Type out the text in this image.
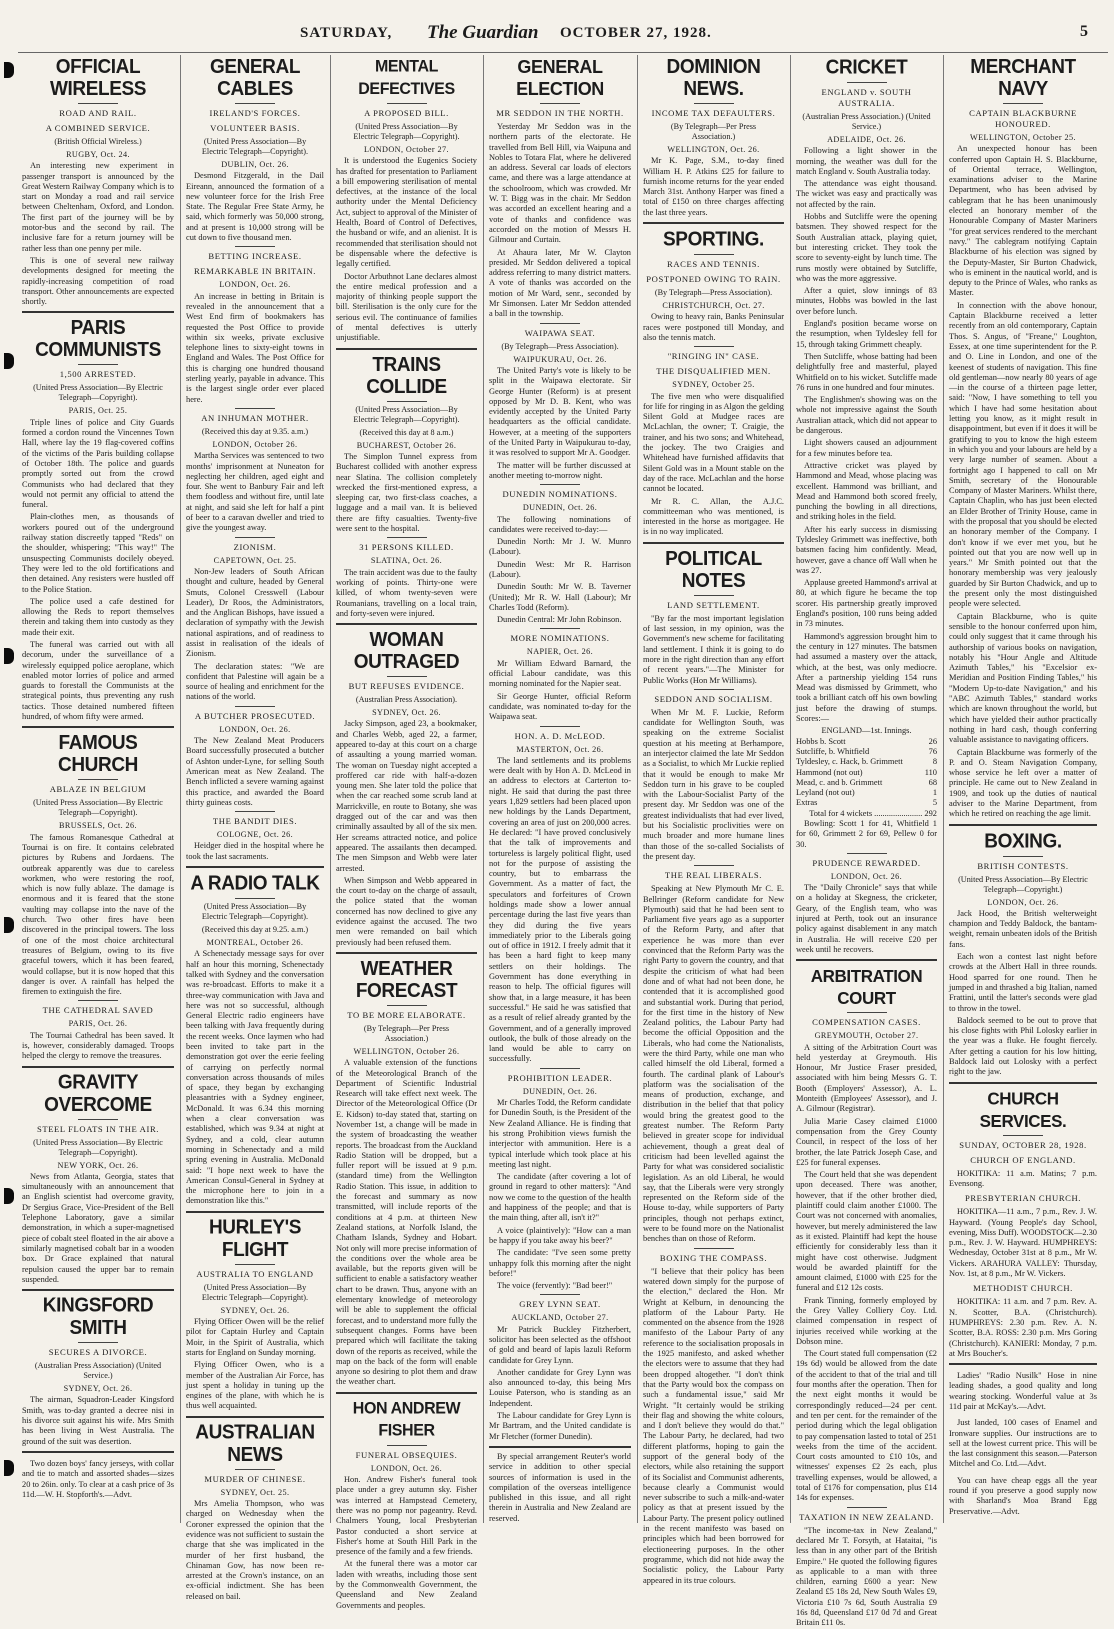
SATURDAY, The Guardian OCTOBER 27, 1928.	5
OFFICIAL WIRELESS
ROAD AND RAIL.
A COMBINED SERVICE.
(British Official Wireless.)
RUGBY, Oct. 24.

An interesting new experiment in passenger transport is announced by the Great Western Railway Company which is to start on Monday a road and rail service between Cheltenham, Oxford, and London. The first part of the journey will be by motor-bus and the second by rail. The inclusive fare for a return journey will be rather less than one penny per mile.

This is one of several new railway developments designed for meeting the rapidly-increasing competition of road transport. Other announcements are expected shortly.

PARIS COMMUNISTS
1,500 ARRESTED.
(United Press Association—By Electric Telegraph—Copyright).
PARIS, Oct. 25.

Triple lines of police and City Guards formed a cordon round the Vincennes Town Hall, where lay the 19 flag-covered coffins of the victims of the Paris building collapse of October 18th. The police and guards promptly sorted out from the crowd Communists who had declared that they would not permit any official to attend the funeral.

Plain-clothes men, as thousands of workers poured out of the underground railway station discreetly tapped "Reds" on the shoulder, whispering; "This way!" The unsuspecting Communists docilely obeyed. They were led to the old fortifications and then detained. Any resisters were hustled off to the Police Station.

The police used a cafe destined for allowing the Reds to report themselves therein and taking them into custody as they made their exit.

The funeral was carried out with all decorum, under the surveillance of a wirelessly equipped police aeroplane, which enabled motor lorries of police and armed guards to forestall the Communists at the strategical points, thus preventing any rush tactics. Those detained numbered fifteen hundred, of whom fifty were armed.

FAMOUS CHURCH
ABLAZE IN BELGIUM
(United Press Association—By Electric Telegraph—Copyright).
BRUSSELS, Oct. 26.

The famous Romanesque Cathedral at Tournai is on fire. It contains celebrated pictures by Rubens and Jordaens. The outbreak apparently was due to careless workmen, who were restoring the roof, which is now fully ablaze. The damage is enormous and it is feared that the stone vaulting may collapse into the nave of the church. Two other fires have been discovered in the principal towers. The loss of one of the most choice architectural treasures of Belgium, owing to its five graceful towers, which it has been feared, would collapse, but it is now hoped that this danger is over. A rainfall has helped the firemen to extinguish the fire.

THE CATHEDRAL SAVED
PARIS, Oct. 26.

The Tournai Cathedral has been saved. It is, however, considerably damaged. Troops helped the clergy to remove the treasures.

GRAVITY OVERCOME
STEEL FLOATS IN THE AIR.
(United Press Association—By Electric Telegraph—Copyright).
NEW YORK, Oct. 26.

News from Atlanta, Georgia, states that simultaneously with an announcement that an English scientist had overcome gravity, Dr Sergius Grace, Vice-President of the Bell Telephone Laboratory, gave a similar demonstration, in which a super-magnetised piece of cobalt steel floated in the air above a similarly magnetised cobalt bar in a wooden box. Dr Grace explained that natural repulsion caused the upper bar to remain suspended.

KINGSFORD SMITH
SECURES A DIVORCE.
(Australian Press Association) (United Service.)
SYDNEY, Oct. 26.

The airman, Squadron-Leader Kingsford Smith, was to-day granted a decree nisi in his divorce suit against his wife. Mrs Smith has been living in West Australia. The ground of the suit was desertion.

Two dozen boys' fancy jerseys, with collar and tie to match and assorted shades—sizes 20 to 26in. only. To clear at a cash price of 3s 11d.—W. H. Stopforth's.—Advt.

GENERAL CABLES
IRELAND'S FORCES.
VOLUNTEER BASIS.
(United Press Association—By Electric Telegraph—Copyright).
DUBLIN, Oct. 26.

Desmond Fitzgerald, in the Dail Eireann, announced the formation of a new volunteer force for the Irish Free State. The Regular Free State Army, he said, which formerly was 50,000 strong, and at present is 10,000 strong will be cut down to five thousand men.

BETTING INCREASE.
REMARKABLE IN BRITAIN.
LONDON, Oct. 26.

An increase in betting in Britain is revealed in the announcement that a West End firm of bookmakers has requested the Post Office to provide within six weeks, private exclusive telephone lines to sixty-eight towns in England and Wales. The Post Office for this is charging one hundred thousand sterling yearly, payable in advance. This is the largest single order ever placed here.

AN INHUMAN MOTHER.
(Received this day at 9.35. a.m.)
LONDON, October 26.

Martha Services was sentenced to two months' imprisonment at Nuneaton for neglecting her children, aged eight and four. She went to Banbury Fair and left them foodless and without fire, until late at night, and said she left for half a pint of beer to a caravan dweller and tried to give the youngest away.

ZIONISM.
CAPETOWN, Oct. 25.

Non-Jew leaders of South African thought and culture, headed by General Smuts, Colonel Cresswell (Labour Leader), Dr Roos, the Administrators, and the Anglican Bishops, have issued a declaration of sympathy with the Jewish national aspirations, and of readiness to assist in realisation of the ideals of Zionism.

The declaration states: "We are confident that Palestine will again be a source of healing and enrichment for the nations of the world.

A BUTCHER PROSECUTED.
LONDON, Oct. 26.

The New Zealand Meat Producers Board successfully prosecuted a butcher of Ashton under-Lyne, for selling South American meat as New Zealand. The Bench inflicted a severe warning against this practice, and awarded the Board thirty guineas costs.

THE BANDIT DIES.
COLOGNE, Oct. 26.

Heidger died in the hospital where he took the last sacraments.

A RADIO TALK
(United Press Association—By Electric Telegraph—Copyright).
(Received this day at 9.25. a.m.)
MONTREAL, October 26.

A Schenectady message says for over half an hour this morning, Schenectady talked with Sydney and the conversation was re-broadcast. Efforts to make it a three-way communication with Java and here was not so successful, although General Electric radio engineers have been talking with Java frequently during the recent weeks. Once laymen who had been invited to take part in the demonstration got over the eerie feeling of carrying on perfectly normal conversation across thousands of miles of space, they began by exchanging pleasantries with a Sydney engineer, McDonald. It was 6.34 this morning when a clear conversation was established, which was 9.34 at night at Sydney, and a cold, clear autumn morning in Schenectady and a mild spring evening in Australia. McDonald said: "I hope next week to have the American Consul-General in Sydney at the microphone here to join in a demonstration like this."

HURLEY'S FLIGHT
AUSTRALIA TO ENGLAND
(United Press Association—By Electric Telegraph—Copyright).
SYDNEY, Oct. 26.

Flying Officer Owen will be the relief pilot for Captain Hurley and Captain Moir, in the Spirit of Australia, which starts for England on Sunday morning.

Flying Officer Owen, who is a member of the Australian Air Force, has just spent a holiday in tuning up the engines of the plane, with which he is thus well acquainted.

AUSTRALIAN NEWS
MURDER OF CHINESE.
SYDNEY, Oct. 25.

Mrs Amelia Thompson, who was charged on Wednesday when the Coroner expressed the opinion that the evidence was not sufficient to sustain the charge that she was implicated in the murder of her first husband, the Chinaman Gow, has now been re-arrested at the Crown's instance, on an ex-official indictment. She has been released on bail.

MENTAL DEFECTIVES
A PROPOSED BILL.
(United Press Association—By Electric Telegraph—Copyright).
LONDON, October 27.

It is understood the Eugenics Society has drafted for presentation to Parliament a bill empowering sterilisation of mental defectives, at the instance of the local authority under the Mental Deficiency Act, subject to approval of the Minister of Health, Board of Control of Defectives, the husband or wife, and an alienist. It is recommended that sterilisation should not be dispensable where the defective is legally certified.

Doctor Arbuthnot Lane declares almost the entire medical profession and a majority of thinking people support the bill. Sterilisation is the only cure for the serious evil. The continuance of families of mental defectives is utterly unjustifiable.

TRAINS COLLIDE
(United Press Association—By Electric Telegraph—Copyright).
(Received this day at 8 a.m.)
BUCHAREST, October 26.

The Simplon Tunnel express from Bucharest collided with another express near Slatina. The collision completely wrecked the first-mentioned express, a sleeping car, two first-class coaches, a luggage and a mail van. It is believed there are fifty casualties. Twenty-five were sent to the hospital.

31 PERSONS KILLED.
SLATINA, Oct. 26.

The train accident was due to the faulty working of points. Thirty-one were killed, of whom twenty-seven were Roumanians, travelling on a local train, and forty-seven were injured.

WOMAN OUTRAGED
BUT REFUSES EVIDENCE.
(Australian Press Association).
SYDNEY, Oct. 26.

Jacky Simpson, aged 23, a bookmaker, and Charles Webb, aged 22, a farmer, appeared to-day at this court on a charge of assaulting a young married woman. The woman on Tuesday night accepted a proffered car ride with half-a-dozen young men. She later told the police that when the car reached some scrub land at Marrickville, en route to Botany, she was dragged out of the car and was then criminally assaulted by all of the six men. Her screams attracted notice, and police appeared. The assailants then decamped. The men Simpson and Webb were later arrested.

When Simpson and Webb appeared in the court to-day on the charge of assault, the police stated that the woman concerned has now declined to give any evidence against the accused. The two men were remanded on bail which previously had been refused them.

WEATHER FORECAST
TO BE MORE ELABORATE.
(By Telegraph—Per Press Association.)
WELLINGTON, October 26.

A valuable extension of the functions of the Meteorological Branch of the Department of Scientific Industrial Research will take effect next week. The Director of the Meteorological Office (Dr E. Kidson) to-day stated that, starting on November 1st, a change will be made in the system of broadcasting the weather reports. The broadcast from the Auckland Radio Station will be dropped, but a fuller report will be issued at 9 p.m. (standard time) from the Wellington Radio Station. This issue, in addition to the forecast and summary as now transmitted, will include reports of the conditions at 4 p.m. at thirteen New Zealand stations, at Norfolk Island, the Chatham Islands, Sydney and Hobart. Not only will more precise information of the conditions over the whole area be available, but the reports given will be sufficient to enable a satisfactory weather chart to be drawn. Thus, anyone with an elementary knowledge of meteorology will be able to supplement the official forecast, and to understand more fully the subsequent changes. Forms have been prepared which will facilitate the taking down of the reports as received, while the map on the back of the form will enable anyone so desiring to plot them and draw the weather chart.

HON ANDREW FISHER
FUNERAL OBSEQUIES.
LONDON, Oct. 26.

Hon. Andrew Fisher's funeral took place under a grey autumn sky. Fisher was interred at Hampstead Cemetery, there was no pomp nor pageantry. Revd. Chalmers Young, local Presbyterian Pastor conducted a short service at Fisher's home at South Hill Park in the presence of the family and a few friends.

At the funeral there was a motor car laden with wreaths, including those sent by the Commonwealth Government, the Queensland and New Zealand Governments and peoples.

GENERAL ELECTION
MR SEDDON IN THE NORTH.

Yesterday Mr Seddon was in the northern parts of the electorate. He travelled from Bell Hill, via Waipuna and Nobles to Totara Flat, where he delivered an address. Several car loads of electors came, and there was a large attendance at the schoolroom, which was crowded. Mr W. T. Bigg was in the chair. Mr Seddon was accorded an excellent hearing and a vote of thanks and confidence was accorded on the motion of Messrs H. Gilmour and Curtain.

At Ahaura later, Mr W. Clayton presided. Mr Seddon delivered a topical address referring to many district matters. A vote of thanks was accorded on the motion of Mr Ward, senr., seconded by Mr Simonsen. Later Mr Seddon attended a ball in the township.

WAIPAWA SEAT.
(By Telegraph—Press Association).
WAIPUKURAU, Oct. 26.

The United Party's vote is likely to be split in the Waipawa electorate. Sir George Hunter (Reform) is at present opposed by Mr D. B. Kent, who was evidently accepted by the United Party headquarters as the official candidate. However, at a meeting of the supporters of the United Party in Waipukurau to-day, it was resolved to support Mr A. Goodger.

The matter will be further discussed at another meeting to-morrow night.

DUNEDIN NOMINATIONS.
DUNEDIN, Oct. 26.

The following nominations of candidates were received to-day:—

Dunedin North: Mr J. W. Munro (Labour).

Dunedin West: Mr R. Harrison (Labour).

Dunedin South: Mr W. B. Taverner (United); Mr R. W. Hall (Labour); Mr Charles Todd (Reform).

Dunedin Central: Mr John Robinson.

MORE NOMINATIONS.
NAPIER, Oct. 26.

Mr William Edward Barnard, the official Labour candidate, was this morning nominated for the Napier seat.

Sir George Hunter, official Reform candidate, was nominated to-day for the Waipawa seat.

HON. A. D. McLEOD.
MASTERTON, Oct. 26.

The land settlements and its problems were dealt with by Hon A. D. McLeod in an address to electors at Carterton to-night. He said that during the past three years 1,829 settlers had been placed upon new holdings by the Lands Department, covering an area of just on 200,000 acres. He declared: "I have proved conclusively that the talk of improvements and tortureless is largely political flight, used not for the purpose of assisting the country, but to embarrass the Government. As a matter of fact, the speculators and forfeitures of Crown holdings made show a lower annual percentage during the last five years than they did during the five years immediately prior to the Liberals going out of office in 1912. I freely admit that it has been a hard fight to keep many settlers on their holdings. The Government has done everything in reason to help. The official figures will show that, in a large measure, it has been successful." He said he was satisfied that as a result of relief already granted by the Government, and of a generally improved outlook, the bulk of those already on the land would be able to carry on successfully.

PROHIBITION LEADER.
DUNEDIN, Oct. 26.

Mr Charles Todd, the Reform candidate for Dunedin South, is the President of the New Zealand Alliance. He is finding that his strong Prohibition views furnish the interjector with ammunition. Here is a typical interlude which took place at his meeting last night.

The candidate (after covering a lot of ground in regard to other matters): "And now we come to the question of the health and happiness of the people; and that is the main thing, after all, isn't it?"

A voice (plaintively): "How can a man be happy if you take away his beer?"

The candidate: "I've seen some pretty unhappy folk this morning after the night before!"

The voice (fervently): "Bad beer!"

GREY LYNN SEAT.
AUCKLAND, October 27.

Mr Patrick Buckley Fitzherbert, solicitor has been selected as the offshoot of gold and beard of lapis lazuli Reform candidate for Grey Lynn.

Another candidate for Grey Lynn was also announced to-day, this being Mrs Louise Paterson, who is standing as an Independent.

The Labour candidate for Grey Lynn is Mr Bartram, and the United candidate is Mr Fletcher (former Dunedin).

By special arrangement Reuter's world service in addition to other special sources of information is used in the compilation of the overseas intelligence published in this issue, and all right therein in Australia and New Zealand are reserved.

DOMINION NEWS.
INCOME TAX DEFAULTERS.
(By Telegraph—Per Press Association.)
WELLINGTON, Oct. 26.

Mr K. Page, S.M., to-day fined William H. P. Atkins £25 for failure to furnish income returns for the year ended March 31st. Anthony Harper was fined a total of £150 on three charges affecting the last three years.

SPORTING.
RACES AND TENNIS.
POSTPONED OWING TO RAIN.
(By Telegraph—Press Association).
CHRISTCHURCH, Oct. 27.

Owing to heavy rain, Banks Peninsular races were postponed till Monday, and also the tennis match.

"RINGING IN" CASE.
THE DISQUALIFIED MEN.
SYDNEY, October 25.

The five men who were disqualified for life for ringing in as Algon the gelding Silent Gold at Mudgee races are McLachlan, the owner; T. Craigie, the trainer, and his two sons; and Whitehead, the jockey. The two Craigies and Whitehead have furnished affidavits that Silent Gold was in a Mount stable on the day of the race. McLachlan and the horse cannot be located.

Mr R. C. Allan, the A.J.C. committeeman who was mentioned, is interested in the horse as mortgagee. He is in no way implicated.

POLITICAL NOTES
LAND SETTLEMENT.

"By far the most important legislation of last session, in my opinion, was the Government's new scheme for facilitating land settlement. I think it is going to do more in the right direction than any effort of recent years."—The Minister for Public Works (Hon Mr Williams).

SEDDON AND SOCIALISM.

When Mr M. F. Luckie, Reform candidate for Wellington South, was speaking on the extreme Socialist question at his meeting at Berhampore, an interjector claimed the late Mr Seddon as a Socialist, to which Mr Luckie replied that it would be enough to make Mr Seddon turn in his grave to be coupled with the Labour-Socialist Party of the present day. Mr Seddon was one of the greatest individualists that had ever lived, but his Socialistic proclivities were on much broader and more humane lines than those of the so-called Socialists of the present day.

THE REAL LIBERALS.

Speaking at New Plymouth Mr C. E. Bellringer (Reform candidate for New Plymouth) said that he had been sent to Parliament five years ago as a supporter of the Reform Party, and after that experience he was more than ever convinced that the Reform Party was the right Party to govern the country, and that despite the criticism of what had been done and of what had not been done, he contended that it is accomplished good and substantial work. During that period, for the first time in the history of New Zealand politics, the Labour Party had become the official Opposition and the Liberals, who had come the Nationalists, were the third Party, while one man who called himself the old Liberal, formed a fourth. The cardinal plank of Labour's platform was the socialisation of the means of production, exchange, and distribution in the belief that that policy would bring the greatest good to the greatest number. The Reform Party believed in greater scope for individual achievement, though a great deal of criticism had been levelled against the Party for what was considered socialistic legislation. As an old Liberal, he would say, that the Liberals were very strongly represented on the Reform side of the House to-day, while supporters of Party principles, though not perhaps extinct, were to be found more on the Nationalist benches than on those of Reform.

BOXING THE COMPASS.

"I believe that their policy has been watered down simply for the purpose of the election," declared the Hon. Mr Wright at Kelburn, in denouncing the platform of the Labour Party. He commented on the absence from the 1928 manifesto of the Labour Party of any reference to the socialisation proposals in the 1925 manifesto, and asked whether the electors were to assume that they had been dropped altogether. "I don't think that the Party would box the compass on such a fundamental issue," said Mr Wright. "It certainly would be striking their flag and showing the white colours, and I don't believe they would do that." The Labour Party, he declared, had two different platforms, hoping to gain the support of the general body of the electors, while also retaining the support of its Socialist and Communist adherents, because clearly a Communist would never subscribe to such a milk-and-water policy as that at present issued by the Labour Party. The present policy outlined in the recent manifesto was based on principles which had been borrowed for electioneering purposes. In the other programme, which did not hide away the Socialistic policy, the Labour Party appeared in its true colours.

CRICKET
ENGLAND v. SOUTH AUSTRALIA.
(Australian Press Association.) (United Service.)
ADELAIDE, Oct. 26.

Following a light shower in the morning, the weather was dull for the match England v. South Australia today.

The attendance was eight thousand. The wicket was easy and practically was not affected by the rain.

Hobbs and Sutcliffe were the opening batsmen. They showed respect for the South Australian attack, playing quiet, but interesting cricket. They took the score to seventy-eight by lunch time. The runs mostly were obtained by Sutcliffe, who was the more aggressive.

After a quiet, slow innings of 83 minutes, Hobbs was bowled in the last over before lunch.

England's position became worse on the resumption, when Tyldesley fell for 15, through taking Grimmett cheaply.

Then Sutcliffe, whose batting had been delightfully free and masterful, played Whitfield on to his wicket. Sutcliffe made 76 runs in one hundred and four minutes.

The Englishmen's showing was on the whole not impressive against the South Australian attack, which did not appear to be dangerous.

Light showers caused an adjournment for a few minutes before tea.

Attractive cricket was played by Hammond and Mead, whose placing was excellent. Hammond was brilliant, and Mead and Hammond both scored freely, punching the bowling in all directions, and striking holes in the field.

After his early success in dismissing Tyldesley Grimmett was ineffective, both batsmen facing him confidently. Mead, however, gave a chance off Wall when he was 27.

Applause greeted Hammond's arrival at 80, at which figure he became the top scorer. His partnership greatly improved England's position, 100 runs being added in 73 minutes.

Hammond's aggression brought him to the century in 127 minutes. The batsmen had assumed a mastery over the attack, which, at the best, was only mediocre. After a partnership yielding 154 runs Mead was dismissed by Grimmett, who took a brilliant catch off his own bowling just before the drawing of stumps. Scores:—

ENGLAND—1st. Innings.
Hobbs b. Scott	26
Sutcliffe, b. Whitfield	76
Tyldesley, c. Hack, b. Grimmett	8
Hammond (not out)	110
Mead, c. and b. Grimmett	68
Leyland (not out)	1
Extras	5
Total for 4 wickets ....................... 292

Bowling: Scott 1 for 41, Whitfield 1 for 60, Grimmett 2 for 69, Pellew 0 for 30.

PRUDENCE REWARDED.
LONDON, Oct. 26.

The "Daily Chronicle" says that while on a holiday at Skegness, the cricketer, Geary, of the English team, who was injured at Perth, took out an insurance policy against disablement in any match in Australia. He will receive £20 per week until he recovers.

ARBITRATION COURT
COMPENSATION CASES.
GREYMOUTH, October 27.

A sitting of the Arbitration Court was held yesterday at Greymouth. His Honour, Mr Justice Fraser presided, associated with him being Messrs G. T. Booth (Employers' Assessor), A. L. Monteith (Employees' Assessor), and J. A. Gilmour (Registrar).

Julia Marie Casey claimed £1000 compensation from the Grey County Council, in respect of the loss of her brother, the late Patrick Joseph Case, and £25 for funeral expenses.

The Court held that she was dependent upon deceased. There was another, however, that if the other brother died, plaintiff could claim another £1000. The Court was not concerned with anomalies, however, but merely administered the law as it existed. Plaintiff had kept the house efficiently for considerably less than it might have cost otherwise. Judgment would be awarded plaintiff for the amount claimed, £1000 with £25 for the funeral and £12 12s costs.

Frank Tinning, formerly employed by the Grey Valley Colliery Coy. Ltd. claimed compensation in respect of injuries received while working at the Dobson mine.

The Court stated full compensation (£2 19s 6d) would be allowed from the date of the accident to that of the trial and till four months after the operation. Then for the next eight months it would be correspondingly reduced—24 per cent. and ten per cent. for the remainder of the period during which the legal obligation to pay compensation lasted to total of 251 weeks from the time of the accident. Court costs amounted to £10 10s, and witnesses' expenses £2 2s each, plus travelling expenses, would be allowed, a total of £176 for compensation, plus £14 14s for expenses.

TAXATION IN NEW ZEALAND.

"The income-tax in New Zealand," declared Mr T. Forsyth, at Hataitai, "is less than in any other part of the British Empire." He quoted the following figures as applicable to a man with three children, earning £600 a year: New Zealand £5 18s 2d, New South Wales £9, Victoria £10 7s 6d, South Australia £9 16s 8d, Queensland £17 0d 7d and Great Britain £11 0s.

MERCHANT NAVY
CAPTAIN BLACKBURNE HONOURED.
WELLINGTON, October 25.

An unexpected honour has been conferred upon Captain H. S. Blackburne, of Oriental terrace, Wellington, examinations adviser to the Marine Department, who has been advised by cablegram that he has been unanimously elected an honorary member of the Honourable Company of Master Mariners "for great services rendered to the merchant navy." The cablegram notifying Captain Blackburne of his election was signed by the Deputy-Master, Sir Burton Chadwick, who is eminent in the nautical world, and is deputy to the Prince of Wales, who ranks as Master.

In connection with the above honour, Captain Blackburne received a letter recently from an old contemporary, Captain Thos. S. Angus, of "Freane," Loughton, Essex, at one time superintendent for the P. and O. Line in London, and one of the keenest of students of navigation. This fine old gentleman—now nearly 80 years of age—in the course of a thirteen page letter, said: "Now, I have something to tell you which I have had some hesitation about letting you know, as it might result in disappointment, but even if it does it will be gratifying to you to know the high esteem in which you and your labours are held by a very large number of seamen. About a fortnight ago I happened to call on Mr Smith, secretary of the Honourable Company of Master Mariners. Whilst there, Captain Chaplin, who has just been elected an Elder Brother of Trinity House, came in with the proposal that you should be elected an honorary member of the Company. I don't know if we ever met you, but he pointed out that you are now well up in years." Mr Smith pointed out that the honorary membership was very jealously guarded by Sir Burton Chadwick, and up to the present only the most distinguished people were selected.

Captain Blackburne, who is quite sensible to the honour conferred upon him, could only suggest that it came through his authorship of various books on navigation, notably his "Hour Angle and Altitude Azimuth Tables," his "Excelsior ex-Meridian and Position Finding Tables," his "Modern Up-to-date Navigation," and his "ABC Azimuth Tables," standard works which are known throughout the world, but which have yielded their author practically nothing in hard cash, though conferring valuable assistance to navigating officers.

Captain Blackburne was formerly of the P. and O. Steam Navigation Company, whose service he left over a matter of principle. He came out to New Zealand in 1909, and took up the duties of nautical adviser to the Marine Department, from which he retired on reaching the age limit.

BOXING.
BRITISH CONTESTS.
(United Press Association—By Electric Telegraph—Copyright.)
LONDON, Oct. 26.

Jack Hood, the British welterweight champion and Teddy Baldock, the bantam-weight, remain unbeaten idols of the British fans.

Each won a contest last night before crowds at the Albert Hall in three rounds. Hood sparred for one round. Then he jumped in and thrashed a big Italian, named Frattini, until the latter's seconds were glad to throw in the towel.

Baldock seemed to be out to prove that his close fights with Phil Lolosky earlier in the year was a fluke. He fought fiercely. After getting a caution for his low hitting, Baldock laid out Lolosky with a perfect right to the jaw.

CHURCH SERVICES.
SUNDAY, OCTOBER 28, 1928.
CHURCH OF ENGLAND.

HOKITIKA: 11 a.m. Matins; 7 p.m. Evensong.

PRESBYTERIAN CHURCH.

HOKITIKA—11 a.m., 7 p.m., Rev. J. W. Hayward. (Young People's day School, evening, Miss Duff). WOODSTOCK—2.30 p.m., Rev. J. W. Hayward. HUMPHREYS: Wednesday, October 31st at 8 p.m., Mr W. Vickers. ARAHURA VALLEY: Thursday, Nov. 1st, at 8 p.m., Mr W. Vickers.

METHODIST CHURCH.

HOKITIKA: 11 a.m. and 7 p.m. Rev. A. N. Scotter, B.A. (Christchurch). HUMPHREYS: 2.30 p.m. Rev. A. N. Scotter, B.A. ROSS: 2.30 p.m. Mrs Goring (Christchurch). KANIERI: Monday, 7 p.m. at Mrs Boucher's.

Ladies' "Radio Nusilk" Hose in nine leading shades, a good quality and long wearing stocking. Wonderful value at 3s 11d pair at McKay's.—Advt.

Just landed, 100 cases of Enamel and Ironware supplies. Our instructions are to sell at the lowest current price. This will be the last consignment this season.—Paterson Mitchel and Co. Ltd.—Advt.

You can have cheap eggs all the year round if you preserve a good supply now with Sharland's Moa Brand Egg Preservative.—Advt.
